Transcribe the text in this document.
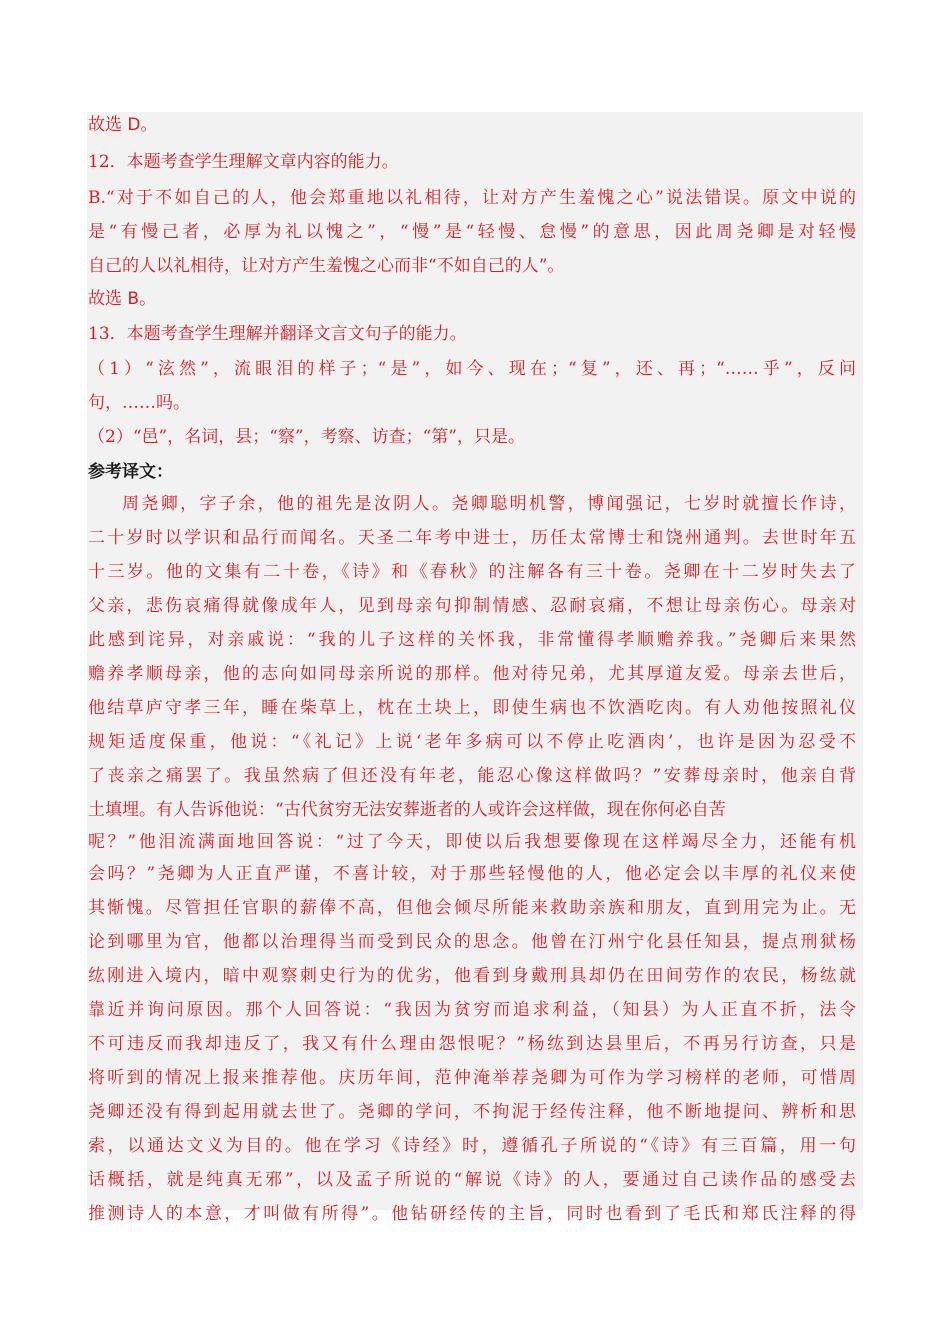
故选 D。
12．本题考查学生理解文章内容的能力。
B.“对于不如自己的人，他会郑重地以礼相待，让对方产生羞愧之心”说法错误。原文中说的
是“有慢己者，必厚为礼以愧之”，“慢”是“轻慢、怠慢”的意思，因此周尧卿是对轻慢
自己的人以礼相待，让对方产生羞愧之心而非“不如自己的人”。
故选 B。
13．本题考查学生理解并翻译文言文句子的能力。
（1）“泫然”，流眼泪的样子；“是”，如今、现在；“复”，还、再；“……乎”，反问
句，……吗。
（2）“邑”，名词，县；“察”，考察、访查；“第”，只是。
参考译文：
周尧卿，字子余，他的祖先是汝阴人。尧卿聪明机警，博闻强记，七岁时就擅长作诗，
二十岁时以学识和品行而闻名。天圣二年考中进士，历任太常博士和饶州通判。去世时年五
十三岁。他的文集有二十卷，《诗》和《春秋》的注解各有三十卷。尧卿在十二岁时失去了
父亲，悲伤哀痛得就像成年人，见到母亲句抑制情感、忍耐哀痛，不想让母亲伤心。母亲对
此感到诧异，对亲戚说：“我的儿子这样的关怀我，非常懂得孝顺赡养我。”尧卿后来果然
赡养孝顺母亲，他的志向如同母亲所说的那样。他对待兄弟，尤其厚道友爱。母亲去世后，
他结草庐守孝三年，睡在柴草上，枕在土块上，即使生病也不饮酒吃肉。有人劝他按照礼仪
规矩适度保重，他说：“《礼记》上说‘老年多病可以不停止吃酒肉’，也许是因为忍受不
了丧亲之痛罢了。我虽然病了但还没有年老，能忍心像这样做吗？”安葬母亲时，他亲自背
土填埋。有人告诉他说：“古代贫穷无法安葬逝者的人或许会这样做，现在你何必自苦
呢？”他泪流满面地回答说：“过了今天，即使以后我想要像现在这样竭尽全力，还能有机
会吗？”尧卿为人正直严谨，不喜计较，对于那些轻慢他的人，他必定会以丰厚的礼仪来使
其惭愧。尽管担任官职的薪俸不高，但他会倾尽所能来救助亲族和朋友，直到用完为止。无
论到哪里为官，他都以治理得当而受到民众的思念。他曾在汀州宁化县任知县，提点刑狱杨
纮刚进入境内，暗中观察刺史行为的优劣，他看到身戴刑具却仍在田间劳作的农民，杨纮就
靠近并询问原因。那个人回答说：“我因为贫穷而追求利益，（知县）为人正直不折，法令
不可违反而我却违反了，我又有什么理由怨恨呢？”杨纮到达县里后，不再另行访查，只是
将听到的情况上报来推荐他。庆历年间，范仲淹举荐尧卿为可作为学习榜样的老师，可惜周
尧卿还没有得到起用就去世了。尧卿的学问，不拘泥于经传注释，他不断地提问、辨析和思
索，以通达文义为目的。他在学习《诗经》时，遵循孔子所说的“《诗》有三百篇，用一句
话概括，就是纯真无邪”，以及孟子所说的“解说《诗》的人，要通过自己读作品的感受去
推测诗人的本意，才叫做有所得”。他钻研经传的主旨，同时也看到了毛氏和郑氏注释的得
